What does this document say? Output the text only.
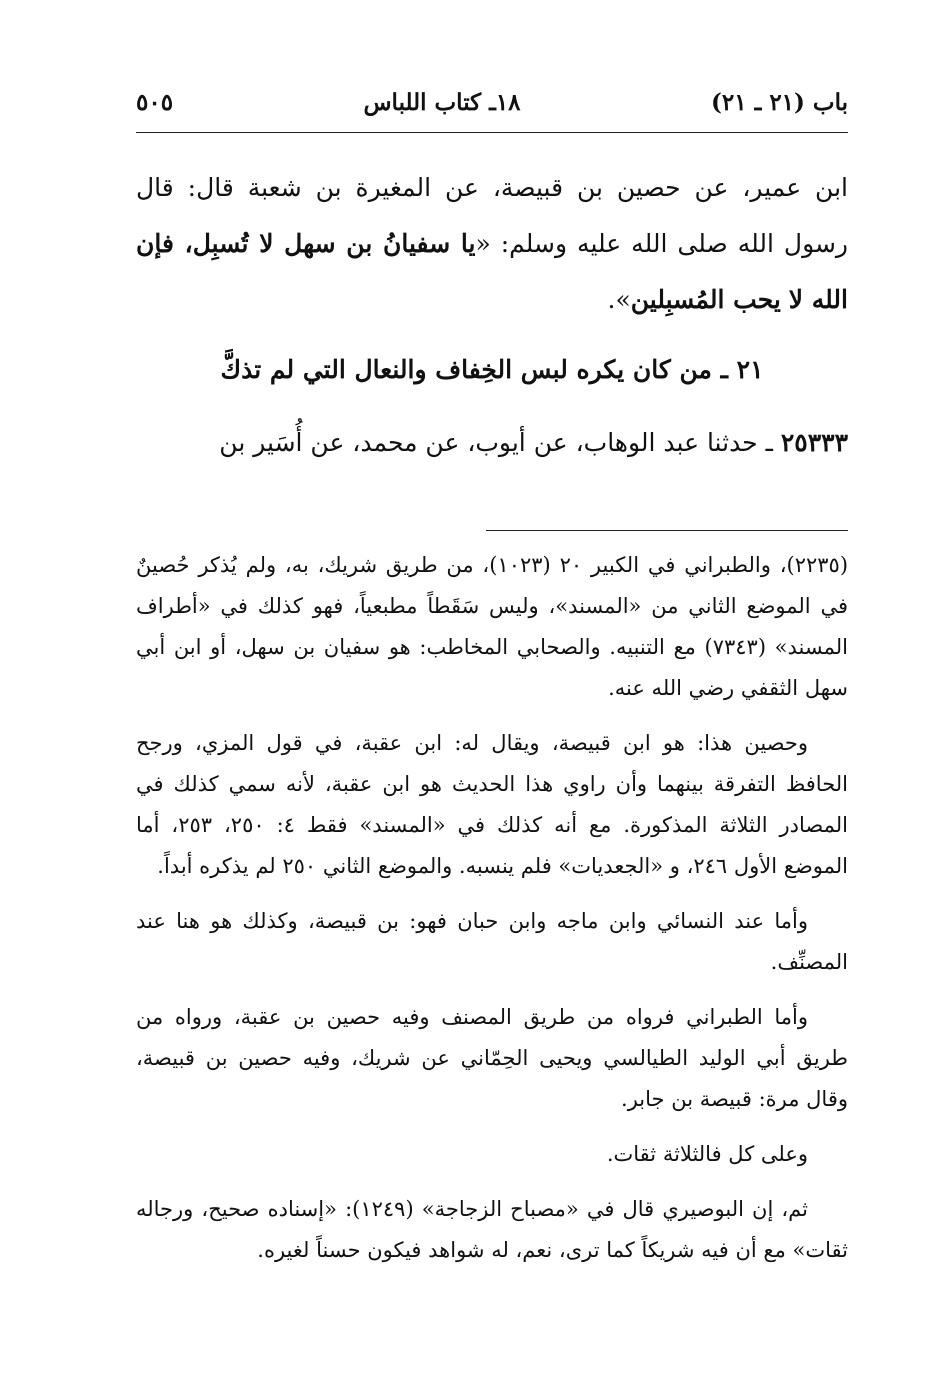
باب (٢١ ـ ٢١)
١٨ـ كتاب اللباس
٥٠٥
ابن عمير، عن حصين بن قبيصة، عن المغيرة بن شعبة قال: قال رسول الله صلى الله عليه وسلم: «يا سفيانُ بن سهل لا تُسبِل، فإن الله لا يحب المُسبِلين».
٢١ ـ من كان يكره لبس الخِفاف والنعال التي لم تذكَّ
٢٥٣٣٣ ـ حدثنا عبد الوهاب، عن أيوب، عن محمد، عن أُسَير بن

(٢٢٣٥)، والطبراني في الكبير ٢٠ (١٠٢٣)، من طريق شريك، به، ولم يُذكر حُصينٌ في الموضع الثاني من «المسند»، وليس سَقَطاً مطبعياً، فهو كذلك في «أطراف المسند» (٧٣٤٣) مع التنبيه. والصحابي المخاطب: هو سفيان بن سهل، أو ابن أبي سهل الثقفي رضي الله عنه.

وحصين هذا: هو ابن قبيصة، ويقال له: ابن عقبة، في قول المزي، ورجح الحافظ التفرقة بينهما وأن راوي هذا الحديث هو ابن عقبة، لأنه سمي كذلك في المصادر الثلاثة المذكورة. مع أنه كذلك في «المسند» فقط ٤: ٢٥٠، ٢٥٣، أما الموضع الأول ٢٤٦، و «الجعديات» فلم ينسبه. والموضع الثاني ٢٥٠ لم يذكره أبداً.

وأما عند النسائي وابن ماجه وابن حبان فهو: بن قبيصة، وكذلك هو هنا عند المصنِّف.

وأما الطبراني فرواه من طريق المصنف وفيه حصين بن عقبة، ورواه من طريق أبي الوليد الطيالسي ويحيى الحِمّاني عن شريك، وفيه حصين بن قبيصة، وقال مرة: قبيصة بن جابر.

وعلى كل فالثلاثة ثقات.

ثم، إن البوصيري قال في «مصباح الزجاجة» (١٢٤٩): «إسناده صحيح، ورجاله ثقات» مع أن فيه شريكاً كما ترى، نعم، له شواهد فيكون حسناً لغيره.
